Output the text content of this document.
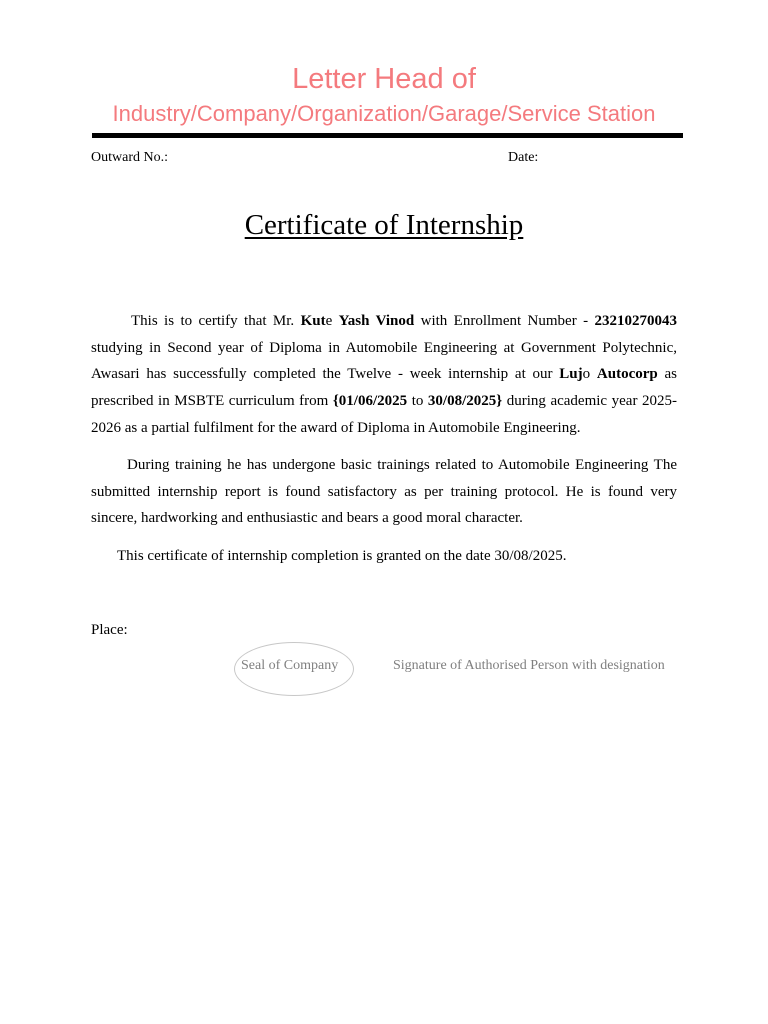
Letter Head of
Industry/Company/Organization/Garage/Service Station
Outward No.:	Date:
Certificate of Internship
This is to certify that Mr. Kute Yash Vinod with Enrollment Number - 23210270043 studying in Second year of Diploma in Automobile Engineering at Government Polytechnic, Awasari has successfully completed the Twelve - week internship at our Lujo Autocorp as prescribed in MSBTE curriculum from {01/06/2025 to 30/08/2025} during academic year 2025-2026 as a partial fulfilment for the award of Diploma in Automobile Engineering.
During training he has undergone basic trainings related to Automobile Engineering The submitted internship report is found satisfactory as per training protocol. He is found very sincere, hardworking and enthusiastic and bears a good moral character.
This certificate of internship completion is granted on the date 30/08/2025.
Place:
Seal of Company	Signature of Authorised Person with designation
